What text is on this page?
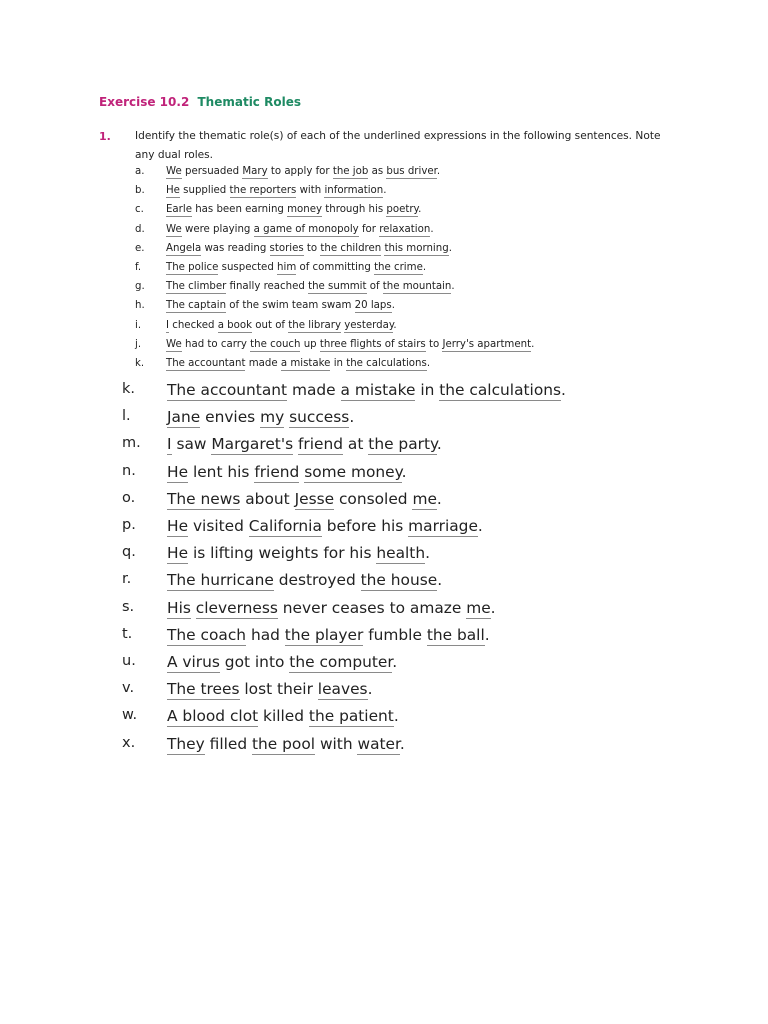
Exercise 10.2 Thematic Roles
1. Identify the thematic role(s) of each of the underlined expressions in the following sentences. Note any dual roles.
a. We persuaded Mary to apply for the job as bus driver.
b. He supplied the reporters with information.
c. Earle has been earning money through his poetry.
d. We were playing a game of monopoly for relaxation.
e. Angela was reading stories to the children this morning.
f. The police suspected him of committing the crime.
g. The climber finally reached the summit of the mountain.
h. The captain of the swim team swam 20 laps.
i. I checked a book out of the library yesterday.
j. We had to carry the couch up three flights of stairs to Jerry's apartment.
k. The accountant made a mistake in the calculations.
k. The accountant made a mistake in the calculations.
l. Jane envies my success.
m. I saw Margaret's friend at the party.
n. He lent his friend some money.
o. The news about Jesse consoled me.
p. He visited California before his marriage.
q. He is lifting weights for his health.
r. The hurricane destroyed the house.
s. His cleverness never ceases to amaze me.
t. The coach had the player fumble the ball.
u. A virus got into the computer.
v. The trees lost their leaves.
w. A blood clot killed the patient.
x. They filled the pool with water.
